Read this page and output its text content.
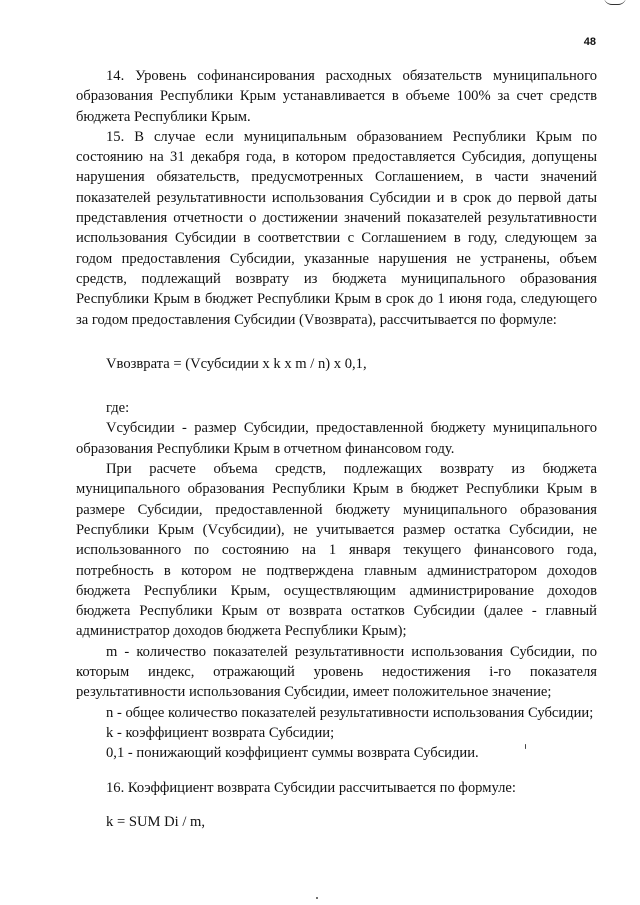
48

14. Уровень софинансирования расходных обязательств муниципального образования Республики Крым устанавливается в объеме 100% за счет средств бюджета Республики Крым.

15. В случае если муниципальным образованием Республики Крым по состоянию на 31 декабря года, в котором предоставляется Субсидия, допущены нарушения обязательств, предусмотренных Соглашением, в части значений показателей результативности использования Субсидии и в срок до первой даты представления отчетности о достижении значений показателей результативности использования Субсидии в соответствии с Соглашением в году, следующем за годом предоставления Субсидии, указанные нарушения не устранены, объем средств, подлежащий возврату из бюджета муниципального образования Республики Крым в бюджет Республики Крым в срок до 1 июня года, следующего за годом предоставления Субсидии (Vвозврата), рассчитывается по формуле:

Vвозврата = (Vсубсидии x k x m / n) x 0,1,

где:

Vсубсидии - размер Субсидии, предоставленной бюджету муниципального образования Республики Крым в отчетном финансовом году.

При расчете объема средств, подлежащих возврату из бюджета муниципального образования Республики Крым в бюджет Республики Крым в размере Субсидии, предоставленной бюджету муниципального образования Республики Крым (Vсубсидии), не учитывается размер остатка Субсидии, не использованного по состоянию на 1 января текущего финансового года, потребность в котором не подтверждена главным администратором доходов бюджета Республики Крым, осуществляющим администрирование доходов бюджета Республики Крым от возврата остатков Субсидии (далее - главный администратор доходов бюджета Республики Крым);

m - количество показателей результативности использования Субсидии, по которым индекс, отражающий уровень недостижения i-го показателя результативности использования Субсидии, имеет положительное значение;

n - общее количество показателей результативности использования Субсидии;

k - коэффициент возврата Субсидии;

0,1 - понижающий коэффициент суммы возврата Субсидии.

16. Коэффициент возврата Субсидии рассчитывается по формуле:

k = SUM Di / m,
